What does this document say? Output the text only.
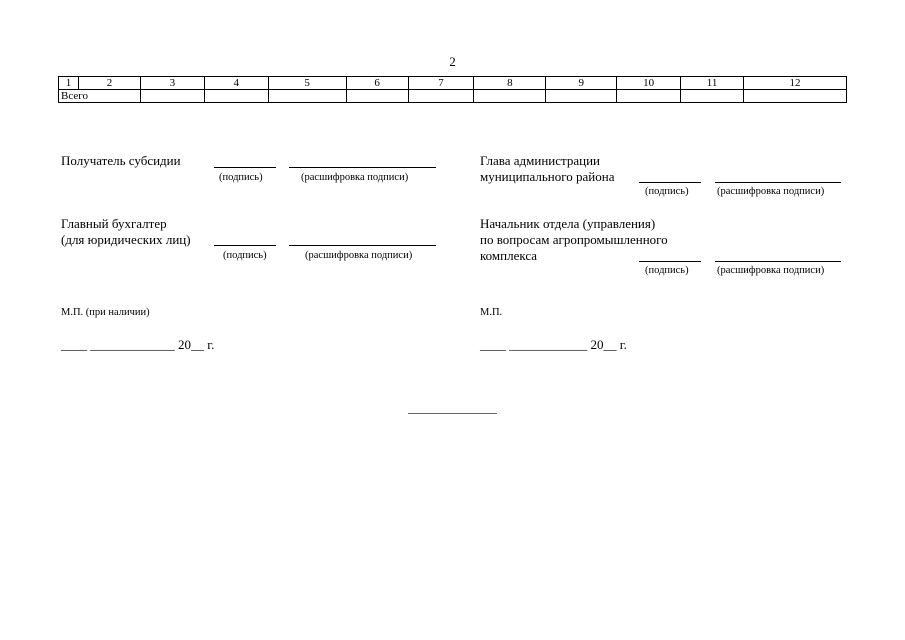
2
1	2	3	4	5	6	7	8	9	10	11	12
Всего											
Получатель субсидии
(подпись)	(расшифровка подписи)
Главный бухгалтер
(для юридических лиц)
(подпись)	(расшифровка подписи)
М.П. (при наличии)
____ _____________ 20__ г.
Глава администрации
муниципального района
(подпись)	(расшифровка подписи)
Начальник отдела (управления)
по вопросам агропромышленного
комплекса
(подпись)	(расшифровка подписи)
М.П.
____ ____________ 20__ г.
